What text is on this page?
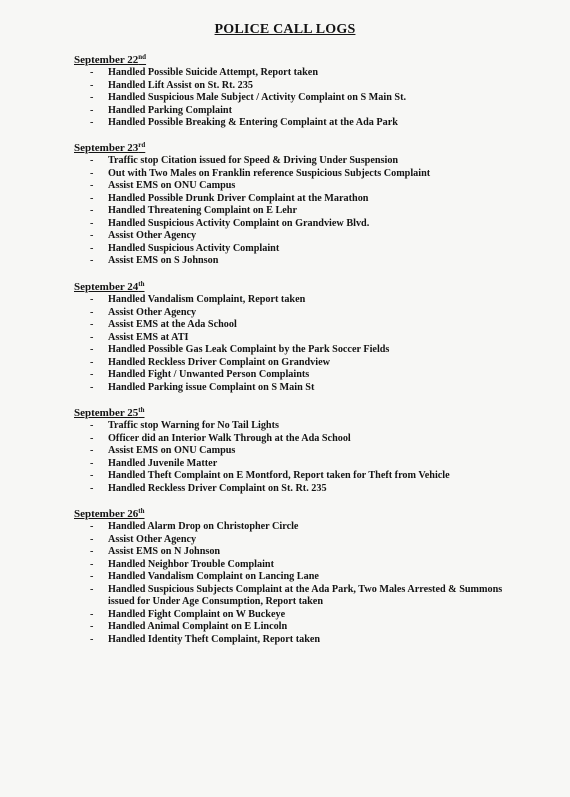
POLICE CALL LOGS
September 22nd
- Handled Possible Suicide Attempt, Report taken
- Handled Lift Assist on St. Rt. 235
- Handled Suspicious Male Subject / Activity Complaint on S Main St.
- Handled Parking Complaint
- Handled Possible Breaking & Entering Complaint at the Ada Park
September 23rd
- Traffic stop Citation issued for Speed & Driving Under Suspension
- Out with Two Males on Franklin reference Suspicious Subjects Complaint
- Assist EMS on ONU Campus
- Handled Possible Drunk Driver Complaint at the Marathon
- Handled Threatening Complaint on E Lehr
- Handled Suspicious Activity Complaint on Grandview Blvd.
- Assist Other Agency
- Handled Suspicious Activity Complaint
- Assist EMS on S Johnson
September 24th
- Handled Vandalism Complaint, Report taken
- Assist Other Agency
- Assist EMS at the Ada School
- Assist EMS at ATI
- Handled Possible Gas Leak Complaint by the Park Soccer Fields
- Handled Reckless Driver Complaint on Grandview
- Handled Fight / Unwanted Person Complaints
- Handled Parking issue Complaint on S Main St
September 25th
- Traffic stop Warning for No Tail Lights
- Officer did an Interior Walk Through at the Ada School
- Assist EMS on ONU Campus
- Handled Juvenile Matter
- Handled Theft Complaint on E Montford, Report taken for Theft from Vehicle
- Handled Reckless Driver Complaint on St. Rt. 235
September 26th
- Handled Alarm Drop on Christopher Circle
- Assist Other Agency
- Assist EMS on N Johnson
- Handled Neighbor Trouble Complaint
- Handled Vandalism Complaint on Lancing Lane
- Handled Suspicious Subjects Complaint at the Ada Park, Two Males Arrested & Summons issued for Under Age Consumption, Report taken
- Handled Fight Complaint on W Buckeye
- Handled Animal Complaint on E Lincoln
- Handled Identity Theft Complaint, Report taken
